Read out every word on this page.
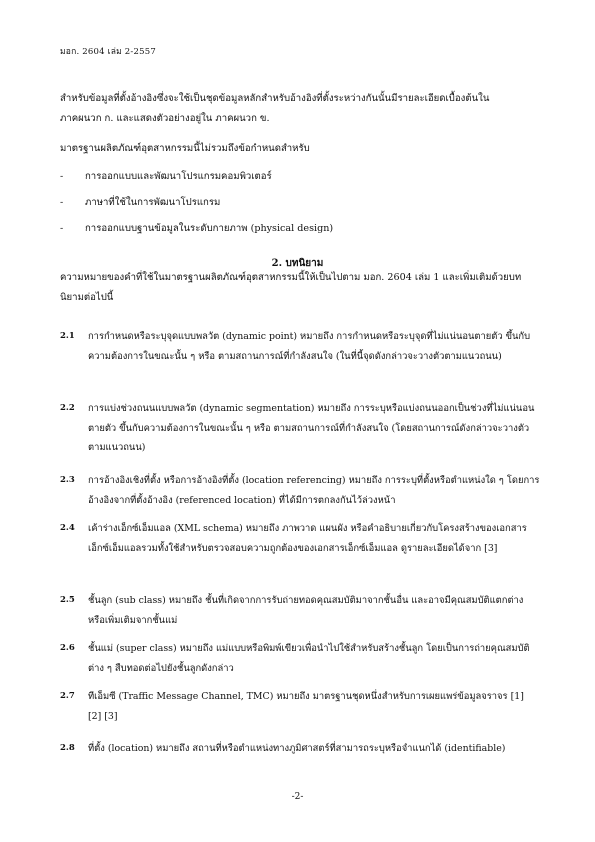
มอก. 2604 เล่ม 2-2557
สำหรับข้อมูลที่ตั้งอ้างอิงซึ่งจะใช้เป็นชุดข้อมูลหลักสำหรับอ้างอิงที่ตั้งระหว่างกันนั้นมีรายละเอียดเบื้องต้นใน
ภาคผนวก ก. และแสดงตัวอย่างอยู่ใน ภาคผนวก ข.
มาตรฐานผลิตภัณฑ์อุตสาหกรรมนี้ไม่รวมถึงข้อกำหนดสำหรับ
- การออกแบบและพัฒนาโปรแกรมคอมพิวเตอร์
- ภาษาที่ใช้ในการพัฒนาโปรแกรม
- การออกแบบฐานข้อมูลในระดับกายภาพ (physical design)
2. บทนิยาม
ความหมายของคำที่ใช้ในมาตรฐานผลิตภัณฑ์อุตสาหกรรมนี้ให้เป็นไปตาม มอก. 2604 เล่ม 1 และเพิ่มเติมด้วยบท
นิยามต่อไปนี้
2.1 การกำหนดหรือระบุจุดแบบพลวัต (dynamic point) หมายถึง การกำหนดหรือระบุจุดที่ไม่แน่นอนตายตัว ขึ้นกับความต้องการในขณะนั้น ๆ หรือ ตามสถานการณ์ที่กำลังสนใจ (ในที่นี้จุดดังกล่าวจะวางตัวตามแนวถนน)
2.2 การแบ่งช่วงถนนแบบพลวัต (dynamic segmentation) หมายถึง การระบุหรือแบ่งถนนออกเป็นช่วงที่ไม่แน่นอนตายตัว ขึ้นกับความต้องการในขณะนั้น ๆ หรือ ตามสถานการณ์ที่กำลังสนใจ (โดยสถานการณ์ดังกล่าวจะวางตัวตามแนวถนน)
2.3 การอ้างอิงเชิงที่ตั้ง หรือการอ้างอิงที่ตั้ง (location referencing) หมายถึง การระบุที่ตั้งหรือตำแหน่งใด ๆ โดยการอ้างอิงจากที่ตั้งอ้างอิง (referenced location) ที่ได้มีการตกลงกันไว้ล่วงหน้า
2.4 เค้าร่างเอ็กซ์เอ็มแอล (XML schema) หมายถึง ภาพวาด แผนผัง หรือคำอธิบายเกี่ยวกับโครงสร้างของเอกสารเอ็กซ์เอ็มแอลรวมทั้งใช้สำหรับตรวจสอบความถูกต้องของเอกสารเอ็กซ์เอ็มแอล ดูรายละเอียดได้จาก [3]
2.5 ชั้นลูก (sub class) หมายถึง ชั้นที่เกิดจากการรับถ่ายทอดคุณสมบัติมาจากชั้นอื่น และอาจมีคุณสมบัติแตกต่างหรือเพิ่มเติมจากชั้นแม่
2.6 ชั้นแม่ (super class) หมายถึง แม่แบบหรือพิมพ์เขียวเพื่อนำไปใช้สำหรับสร้างชั้นลูก โดยเป็นการถ่ายคุณสมบัติต่าง ๆ สืบทอดต่อไปยังชั้นลูกดังกล่าว
2.7 ทีเอ็มซี (Traffic Message Channel, TMC) หมายถึง มาตรฐานชุดหนึ่งสำหรับการเผยแพร่ข้อมูลจราจร [1] [2] [3]
2.8 ที่ตั้ง (location) หมายถึง สถานที่หรือตำแหน่งทางภูมิศาสตร์ที่สามารถระบุหรือจำแนกได้ (identifiable)
-2-
